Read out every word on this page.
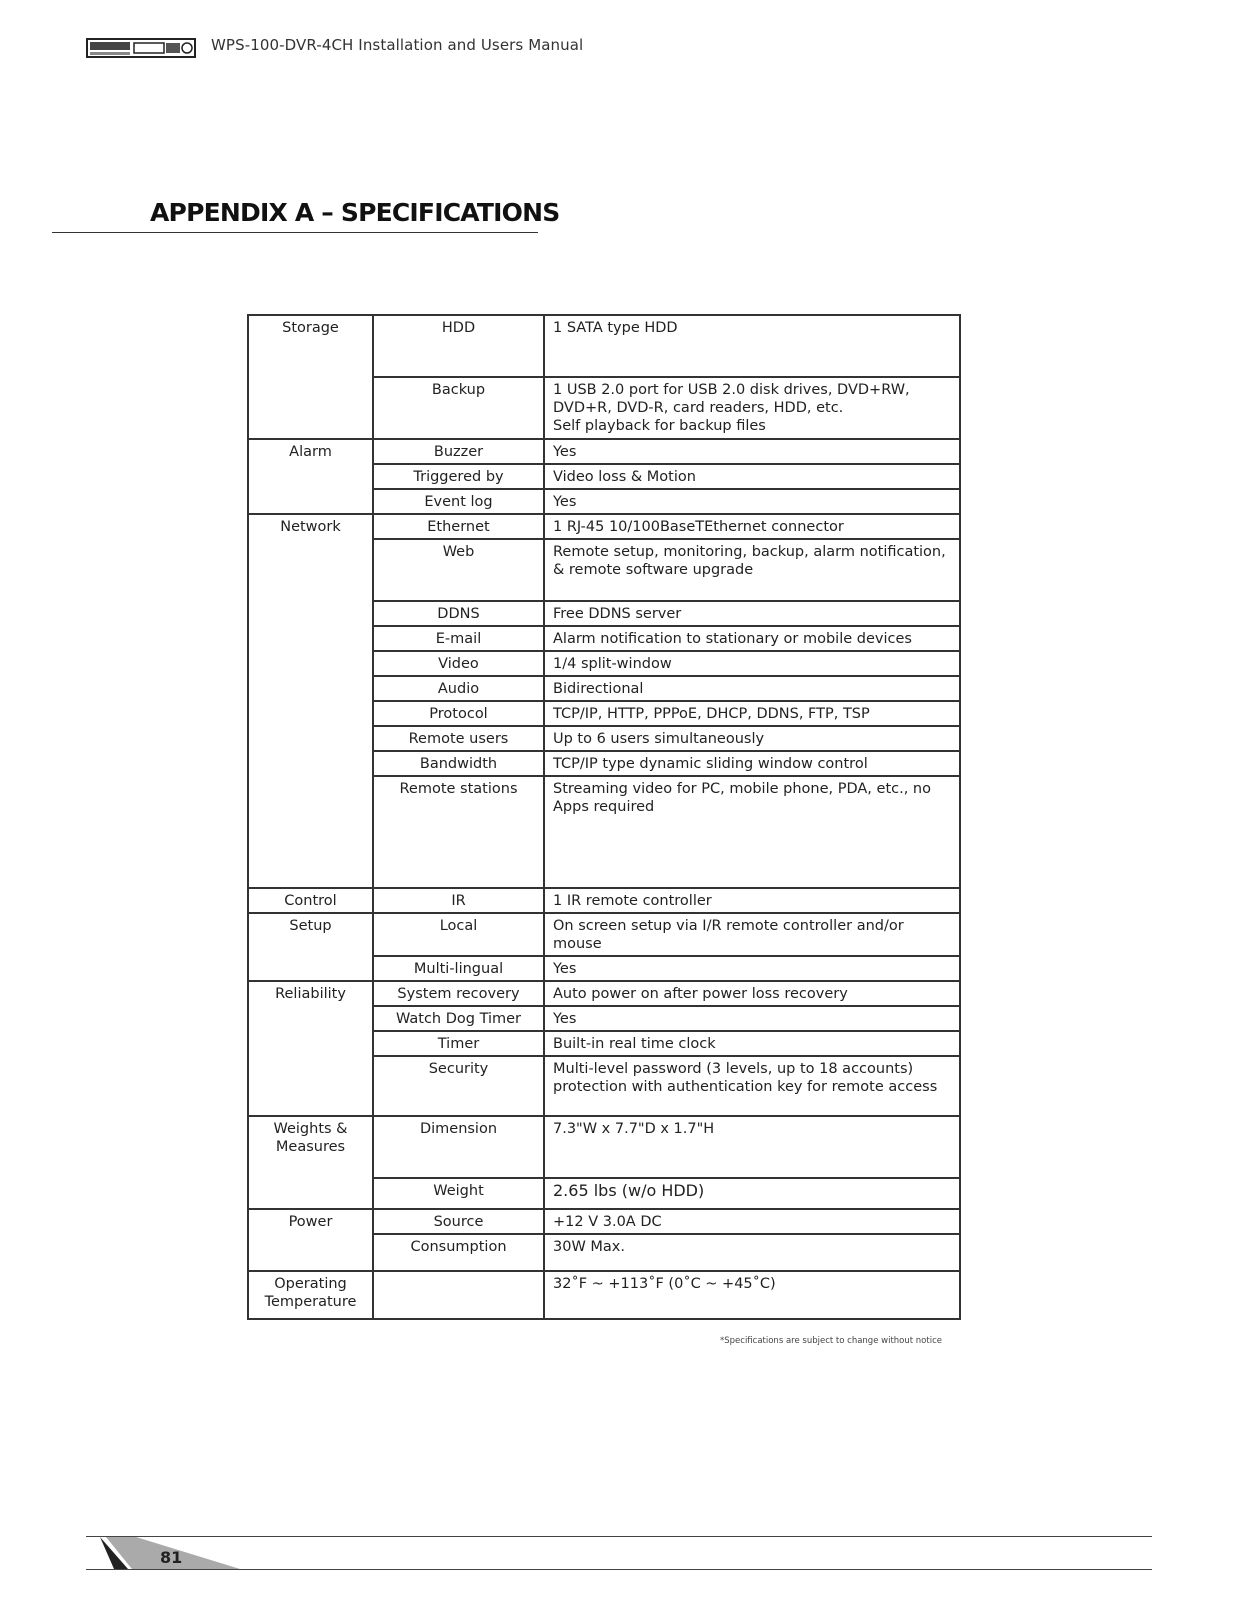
WPS-100-DVR-4CH Installation and Users Manual
APPENDIX A – SPECIFICATIONS
Storage	HDD	1 SATA type HDD
	Backup	1 USB 2.0 port for USB 2.0 disk drives, DVD+RW, DVD+R, DVD-R, card readers, HDD, etc.
Self playback for backup files
Alarm	Buzzer	Yes
	Triggered by	Video loss & Motion
	Event log	Yes
Network	Ethernet	1 RJ-45 10/100BaseTEthernet connector
	Web	Remote setup, monitoring, backup, alarm notification, & remote software upgrade
	DDNS	Free DDNS server
	E-mail	Alarm notification to stationary or mobile devices
	Video	1/4 split-window
	Audio	Bidirectional
	Protocol	TCP/IP, HTTP, PPPoE, DHCP, DDNS, FTP, TSP
	Remote users	Up to 6 users simultaneously
	Bandwidth	TCP/IP type dynamic sliding window control
	Remote stations	Streaming video for PC, mobile phone, PDA, etc., no Apps required
Control	IR	1 IR remote controller
Setup	Local	On screen setup via I/R remote controller and/or mouse
	Multi-lingual	Yes
Reliability	System recovery	Auto power on after power loss recovery
	Watch Dog Timer	Yes
	Timer	Built-in real time clock
	Security	Multi-level password (3 levels, up to 18 accounts) protection with authentication key for remote access
Weights & Measures	Dimension	7.3"W x 7.7"D x 1.7"H
	Weight	2.65 lbs (w/o HDD)
Power	Source	+12 V 3.0A DC
	Consumption	30W Max.
Operating Temperature		32˚F ~ +113˚F (0˚C ~ +45˚C)
*Specifications are subject to change without notice
81
